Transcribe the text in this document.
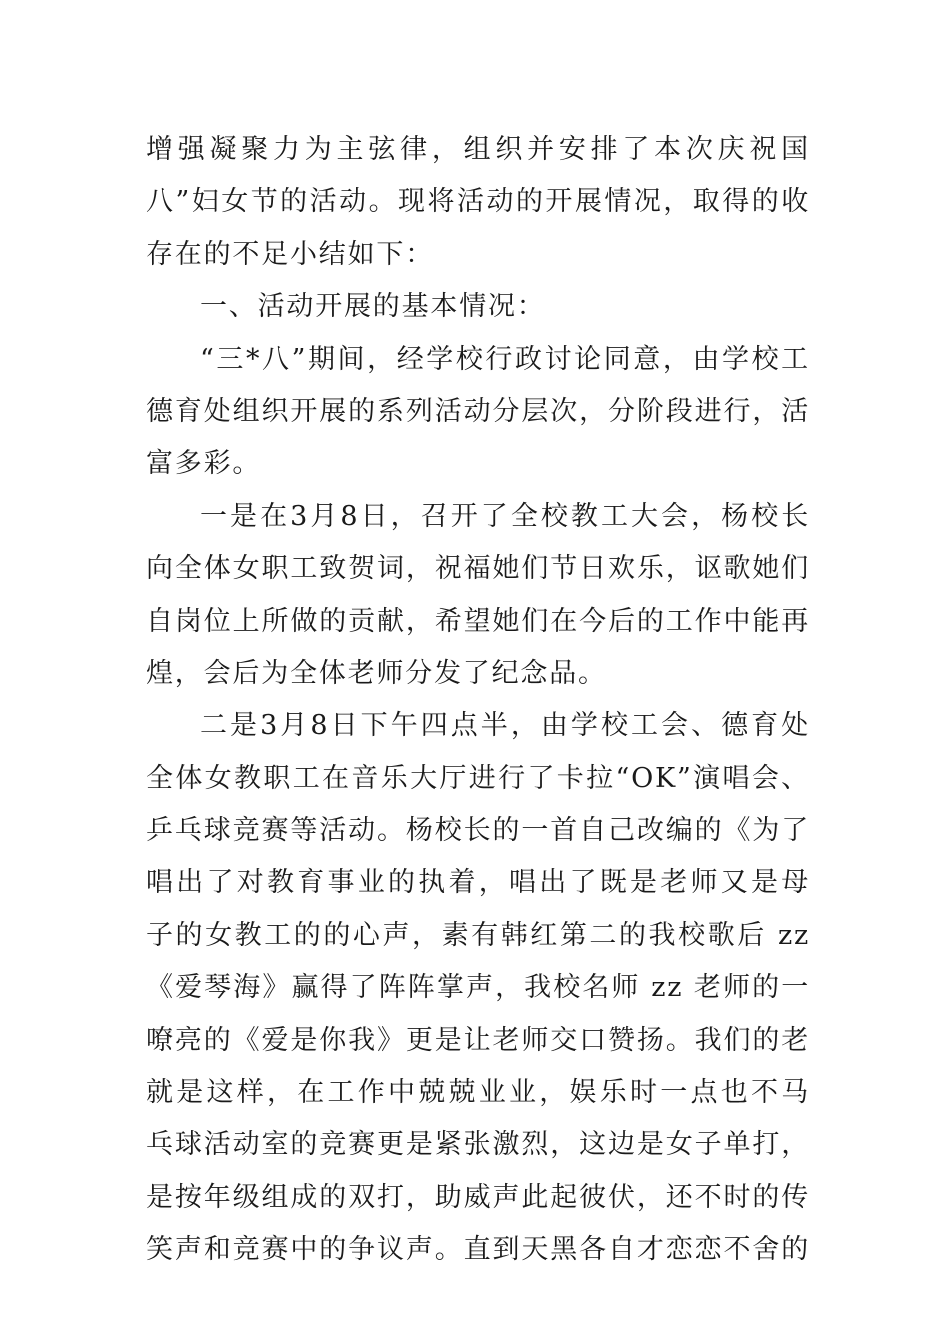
增强凝聚力为主弦律，组织并安排了本次庆祝国
八”妇女节的活动。现将活动的开展情况，取得的收
存在的不足小结如下：
一、活动开展的基本情况：
“三*八”期间，经学校行政讨论同意，由学校工
德育处组织开展的系列活动分层次，分阶段进行，活
富多彩。
一是在3月8日，召开了全校教工大会，杨校长
向全体女职工致贺词，祝福她们节日欢乐，讴歌她们
自岗位上所做的贡献，希望她们在今后的工作中能再
煌，会后为全体老师分发了纪念品。
二是3月8日下午四点半，由学校工会、德育处
全体女教职工在音乐大厅进行了卡拉“OK”演唱会、
乒乓球竞赛等活动。杨校长的一首自己改编的《为了
唱出了对教育事业的执着，唱出了既是老师又是母
子的女教工的的心声，素有韩红第二的我校歌后 zz
《爱琴海》赢得了阵阵掌声，我校名师 zz 老师的一
嘹亮的《爱是你我》更是让老师交口赞扬。我们的老
就是这样，在工作中兢兢业业，娱乐时一点也不马
乓球活动室的竞赛更是紧张激烈，这边是女子单打，
是按年级组成的双打，助威声此起彼伏，还不时的传
笑声和竞赛中的争议声。直到天黑各自才恋恋不舍的
